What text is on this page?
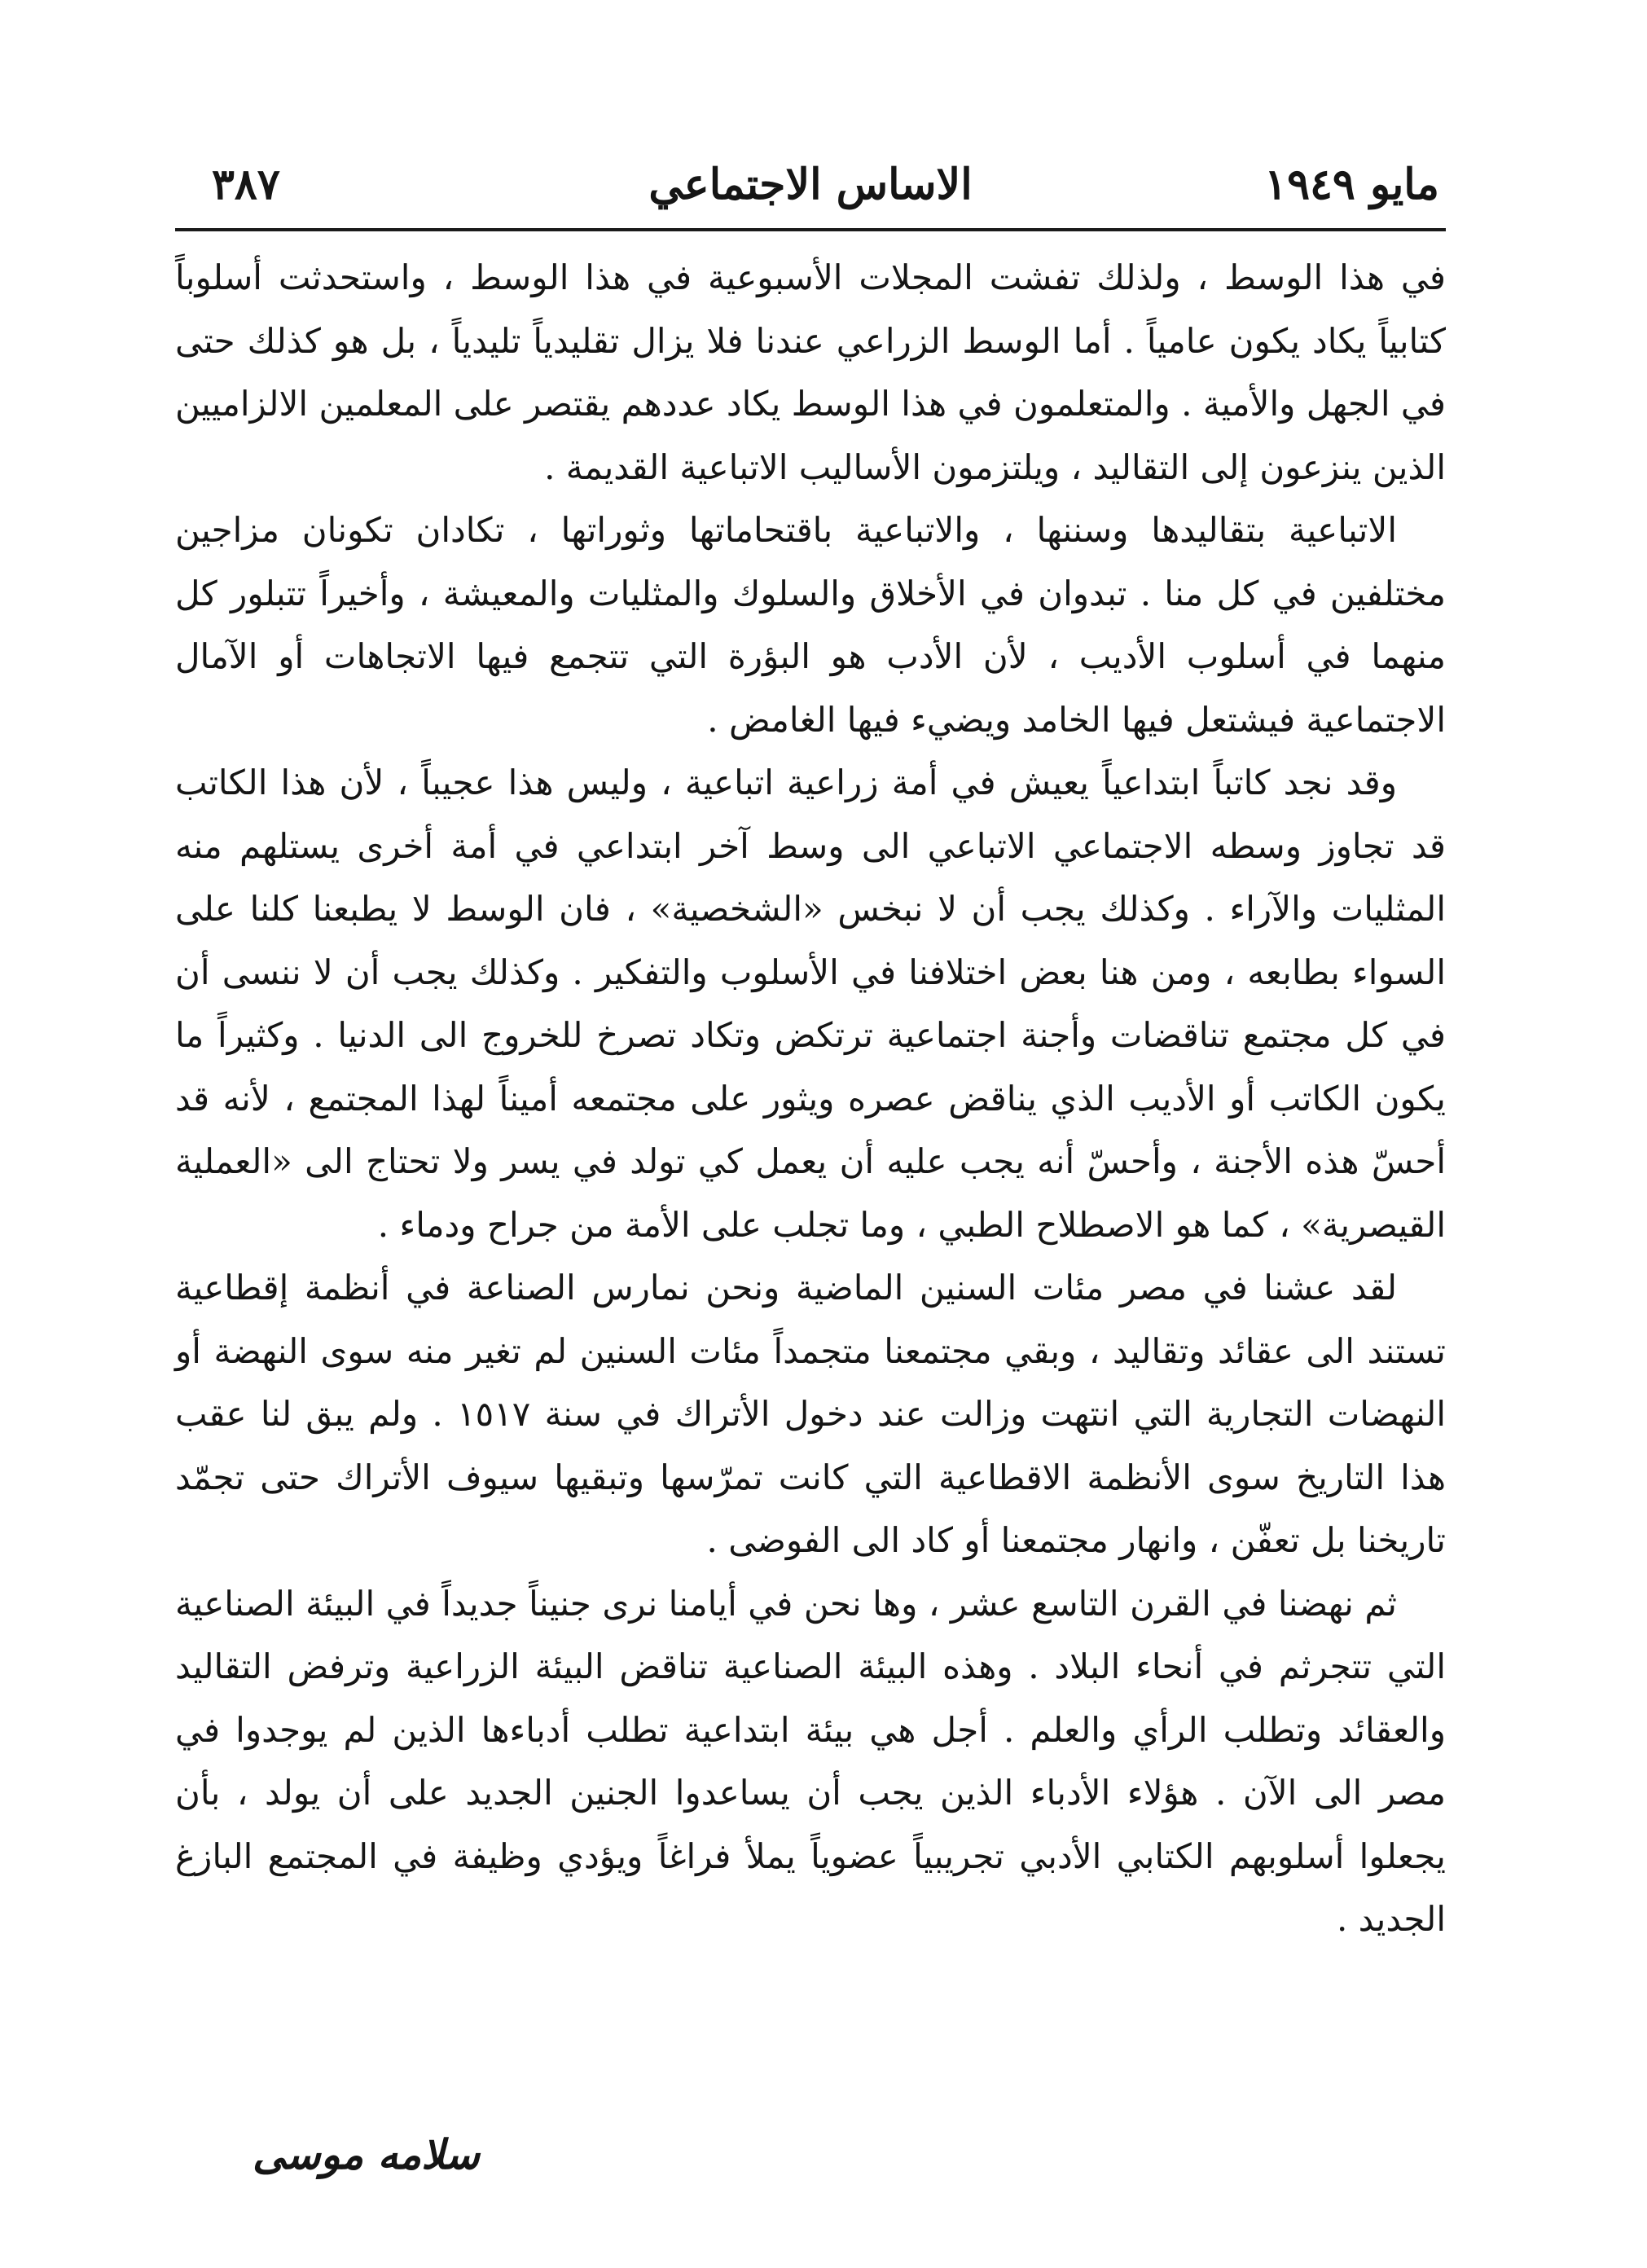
مايو ١٩٤٩
الاساس الاجتماعي
٣٨٧

في هذا الوسط ، ولذلك تفشت المجلات الأسبوعية في هذا الوسط ، واستحدثت أسلوباً كتابياً يكاد يكون عامياً . أما الوسط الزراعي عندنا فلا يزال تقليدياً تليدياً ، بل هو كذلك حتى في الجهل والأمية . والمتعلمون في هذا الوسط يكاد عددهم يقتصر على المعلمين الالزاميين الذين ينزعون إلى التقاليد ، ويلتزمون الأساليب الاتباعية القديمة .

الاتباعية بتقاليدها وسننها ، والاتباعية باقتحاماتها وثوراتها ، تكادان تكونان مزاجين مختلفين في كل منا . تبدوان في الأخلاق والسلوك والمثليات والمعيشة ، وأخيراً تتبلور كل منهما في أسلوب الأديب ، لأن الأدب هو البؤرة التي تتجمع فيها الاتجاهات أو الآمال الاجتماعية فيشتعل فيها الخامد ويضيء فيها الغامض .

وقد نجد كاتباً ابتداعياً يعيش في أمة زراعية اتباعية ، وليس هذا عجيباً ، لأن هذا الكاتب قد تجاوز وسطه الاجتماعي الاتباعي الى وسط آخر ابتداعي في أمة أخرى يستلهم منه المثليات والآراء . وكذلك يجب أن لا نبخس «الشخصية» ، فان الوسط لا يطبعنا كلنا على السواء بطابعه ، ومن هنا بعض اختلافنا في الأسلوب والتفكير . وكذلك يجب أن لا ننسى أن في كل مجتمع تناقضات وأجنة اجتماعية ترتكض وتكاد تصرخ للخروج الى الدنيا . وكثيراً ما يكون الكاتب أو الأديب الذي يناقض عصره ويثور على مجتمعه أميناً لهذا المجتمع ، لأنه قد أحسّ هذه الأجنة ، وأحسّ أنه يجب عليه أن يعمل كي تولد في يسر ولا تحتاج الى «العملية القيصرية» ، كما هو الاصطلاح الطبي ، وما تجلب على الأمة من جراح ودماء .

لقد عشنا في مصر مئات السنين الماضية ونحن نمارس الصناعة في أنظمة إقطاعية تستند الى عقائد وتقاليد ، وبقي مجتمعنا متجمداً مئات السنين لم تغير منه سوى النهضة أو النهضات التجارية التي انتهت وزالت عند دخول الأتراك في سنة ١٥١٧ . ولم يبق لنا عقب هذا التاريخ سوى الأنظمة الاقطاعية التي كانت تمرّسها وتبقيها سيوف الأتراك حتى تجمّد تاريخنا بل تعفّن ، وانهار مجتمعنا أو كاد الى الفوضى .

ثم نهضنا في القرن التاسع عشر ، وها نحن في أيامنا نرى جنيناً جديداً في البيئة الصناعية التي تتجرثم في أنحاء البلاد . وهذه البيئة الصناعية تناقض البيئة الزراعية وترفض التقاليد والعقائد وتطلب الرأي والعلم . أجل هي بيئة ابتداعية تطلب أدباءها الذين لم يوجدوا في مصر الى الآن . هؤلاء الأدباء الذين يجب أن يساعدوا الجنين الجديد على أن يولد ، بأن يجعلوا أسلوبهم الكتابي الأدبي تجريبياً عضوياً يملأ فراغاً ويؤدي وظيفة في المجتمع البازغ الجديد .

سلامه موسى
